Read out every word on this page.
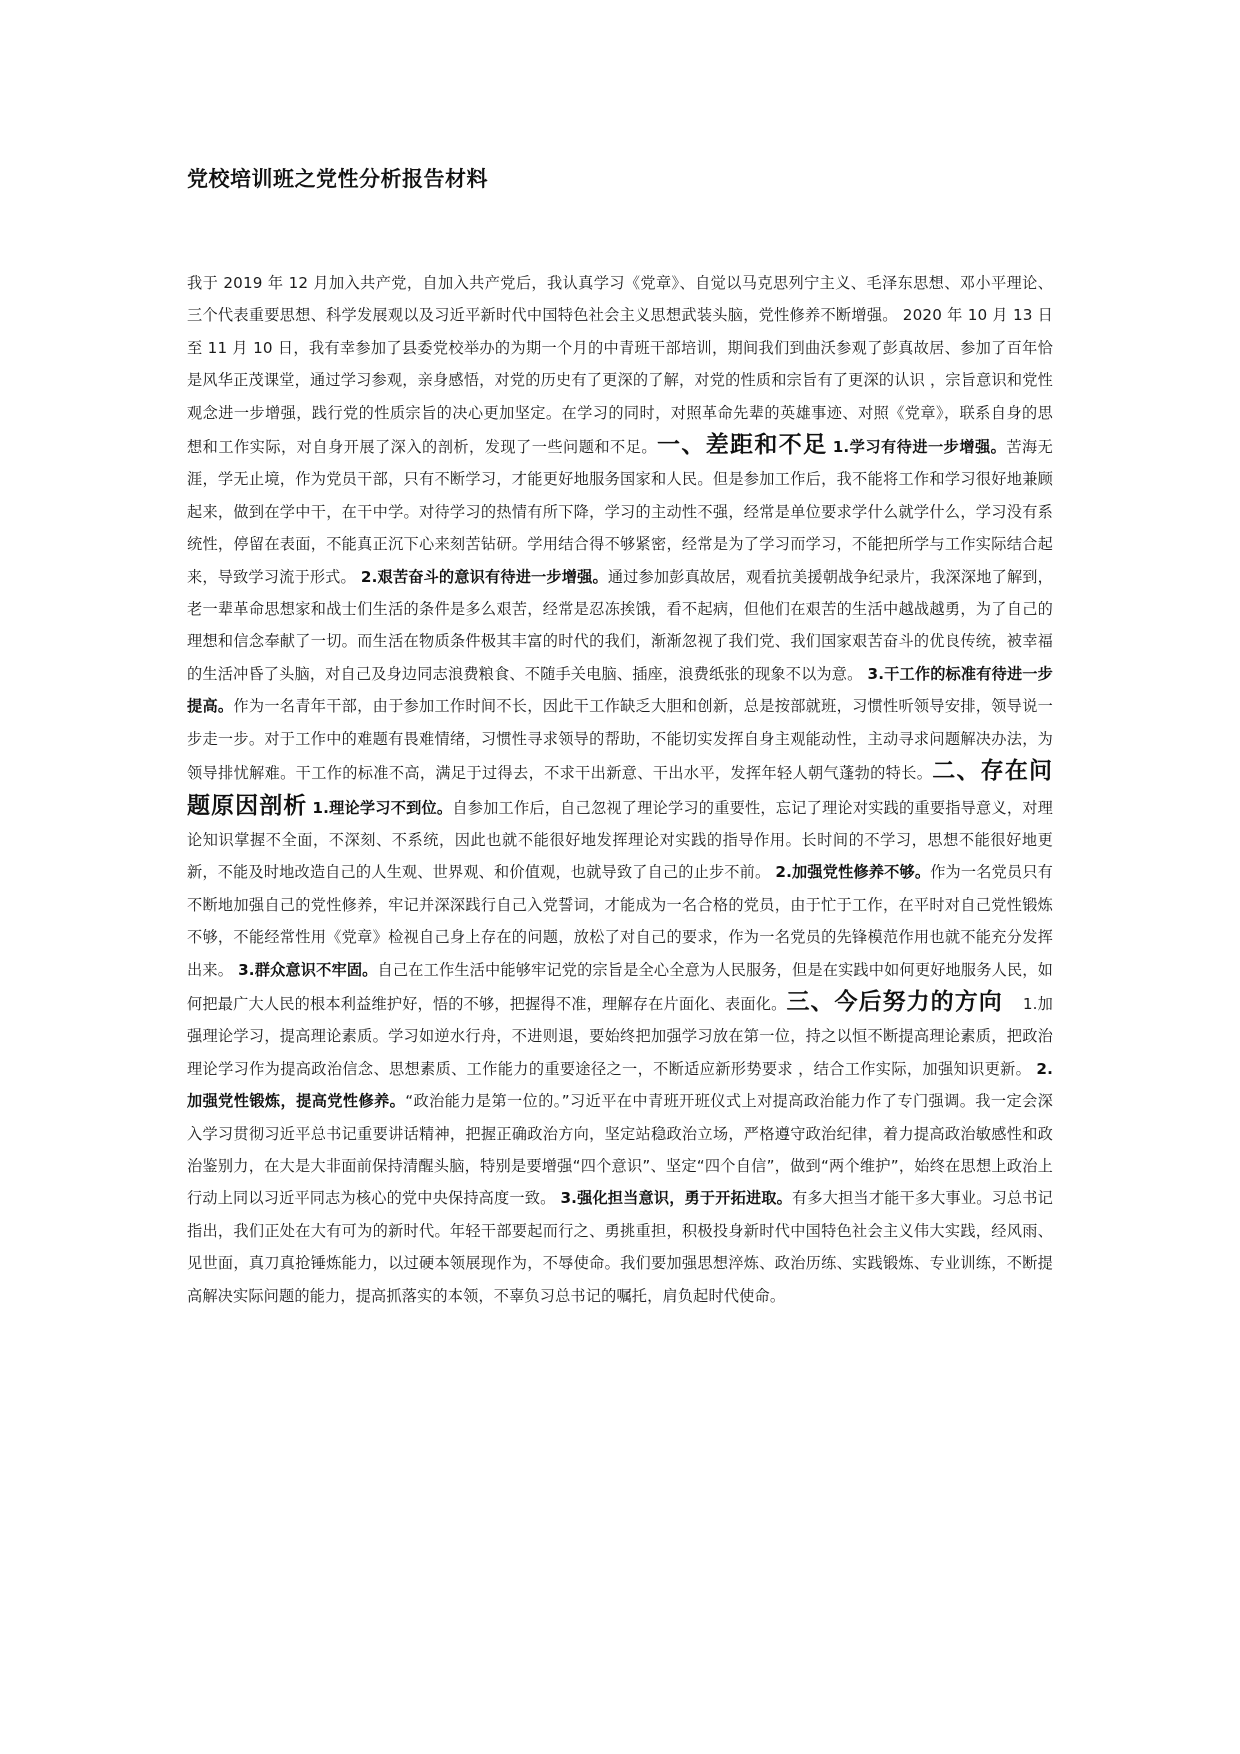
党校培训班之党性分析报告材料

我于 2019 年 12 月加入共产党，自加入共产党后，我认真学习《党章》、自觉以马克思列宁主义、毛泽东思想、邓小平理论、三个代表重要思想、科学发展观以及习近平新时代中国特色社会主义思想武装头脑，党性修养不断增强。 2020 年 10 月 13 日至 11 月 10 日，我有幸参加了县委党校举办的为期一个月的中青班干部培训，期间我们到曲沃参观了彭真故居、参加了百年恰是风华正茂课堂，通过学习参观，亲身感悟，对党的历史有了更深的了解，对党的性质和宗旨有了更深的认识 ，宗旨意识和党性观念进一步增强，践行党的性质宗旨的决心更加坚定。在学习的同时，对照革命先辈的英雄事迹、对照《党章》，联系自身的思想和工作实际，对自身开展了深入的剖析，发现了一些问题和不足。一、差距和不足 1.学习有待进一步增强。苦海无涯，学无止境，作为党员干部，只有不断学习，才能更好地服务国家和人民。但是参加工作后，我不能将工作和学习很好地兼顾起来，做到在学中干，在干中学。对待学习的热情有所下降，学习的主动性不强，经常是单位要求学什么就学什么，学习没有系统性，停留在表面，不能真正沉下心来刻苦钻研。学用结合得不够紧密，经常是为了学习而学习，不能把所学与工作实际结合起来，导致学习流于形式。 2.艰苦奋斗的意识有待进一步增强。通过参加彭真故居，观看抗美援朝战争纪录片，我深深地了解到，老一辈革命思想家和战士们生活的条件是多么艰苦，经常是忍冻挨饿，看不起病，但他们在艰苦的生活中越战越勇，为了自己的理想和信念奉献了一切。而生活在物质条件极其丰富的时代的我们，渐渐忽视了我们党、我们国家艰苦奋斗的优良传统，被幸福的生活冲昏了头脑，对自己及身边同志浪费粮食、不随手关电脑、插座，浪费纸张的现象不以为意。 3.干工作的标准有待进一步提高。作为一名青年干部，由于参加工作时间不长，因此干工作缺乏大胆和创新，总是按部就班，习惯性听领导安排，领导说一步走一步。对于工作中的难题有畏难情绪，习惯性寻求领导的帮助，不能切实发挥自身主观能动性，主动寻求问题解决办法，为领导排忧解难。干工作的标准不高，满足于过得去，不求干出新意、干出水平，发挥年轻人朝气蓬勃的特长。二、存在问题原因剖析 1.理论学习不到位。自参加工作后，自己忽视了理论学习的重要性，忘记了理论对实践的重要指导意义，对理论知识掌握不全面，不深刻、不系统，因此也就不能很好地发挥理论对实践的指导作用。长时间的不学习，思想不能很好地更新，不能及时地改造自己的人生观、世界观、和价值观，也就导致了自己的止步不前。 2.加强党性修养不够。作为一名党员只有不断地加强自己的党性修养，牢记并深深践行自己入党誓词，才能成为一名合格的党员，由于忙于工作，在平时对自己党性锻炼不够，不能经常性用《党章》检视自己身上存在的问题，放松了对自己的要求，作为一名党员的先锋模范作用也就不能充分发挥出来。 3.群众意识不牢固。自己在工作生活中能够牢记党的宗旨是全心全意为人民服务，但是在实践中如何更好地服务人民，如何把最广大人民的根本利益维护好，悟的不够，把握得不准，理解存在片面化、表面化。三、今后努力的方向 1.加强理论学习，提高理论素质。学习如逆水行舟，不进则退，要始终把加强学习放在第一位，持之以恒不断提高理论素质，把政治理论学习作为提高政治信念、思想素质、工作能力的重要途径之一，不断适应新形势要求 ，结合工作实际，加强知识更新。 2.加强党性锻炼，提高党性修养。“政治能力是第一位的。”习近平在中青班开班仪式上对提高政治能力作了专门强调。我一定会深入学习贯彻习近平总书记重要讲话精神，把握正确政治方向，坚定站稳政治立场，严格遵守政治纪律，着力提高政治敏感性和政治鉴别力，在大是大非面前保持清醒头脑，特别是要增强“四个意识”、坚定“四个自信”，做到“两个维护”，始终在思想上政治上行动上同以习近平同志为核心的党中央保持高度一致。 3.强化担当意识，勇于开拓进取。有多大担当才能干多大事业。习总书记指出，我们正处在大有可为的新时代。年轻干部要起而行之、勇挑重担，积极投身新时代中国特色社会主义伟大实践，经风雨、见世面，真刀真抢锤炼能力，以过硬本领展现作为，不辱使命。我们要加强思想淬炼、政治历练、实践锻炼、专业训练，不断提高解决实际问题的能力，提高抓落实的本领，不辜负习总书记的嘱托，肩负起时代使命。
